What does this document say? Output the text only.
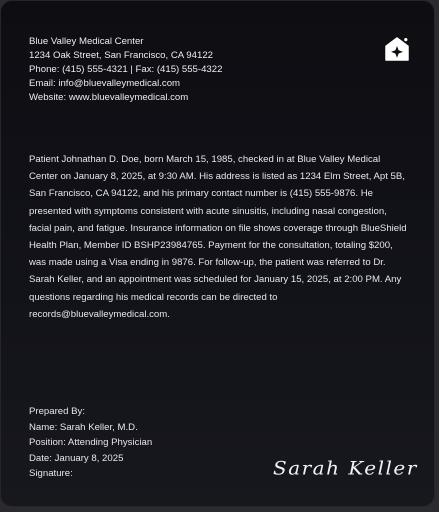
Blue Valley Medical Center
1234 Oak Street, San Francisco, CA 94122
Phone: (415) 555-4321 | Fax: (415) 555-4322
Email: info@bluevalleymedical.com
Website: www.bluevalleymedical.com

Patient Johnathan D. Doe, born March 15, 1985, checked in at Blue Valley Medical Center on January 8, 2025, at 9:30 AM. His address is listed as 1234 Elm Street, Apt 5B, San Francisco, CA 94122, and his primary contact number is (415) 555-9876. He presented with symptoms consistent with acute sinusitis, including nasal congestion, facial pain, and fatigue. Insurance information on file shows coverage through BlueShield Health Plan, Member ID BSHP23984765. Payment for the consultation, totaling $200, was made using a Visa ending in 9876. For follow-up, the patient was referred to Dr. Sarah Keller, and an appointment was scheduled for January 15, 2025, at 2:00 PM. Any questions regarding his medical records can be directed to records@bluevalleymedical.com.

Prepared By:
Name: Sarah Keller, M.D.
Position: Attending Physician
Date: January 8, 2025
Signature:	Sarah Keller
